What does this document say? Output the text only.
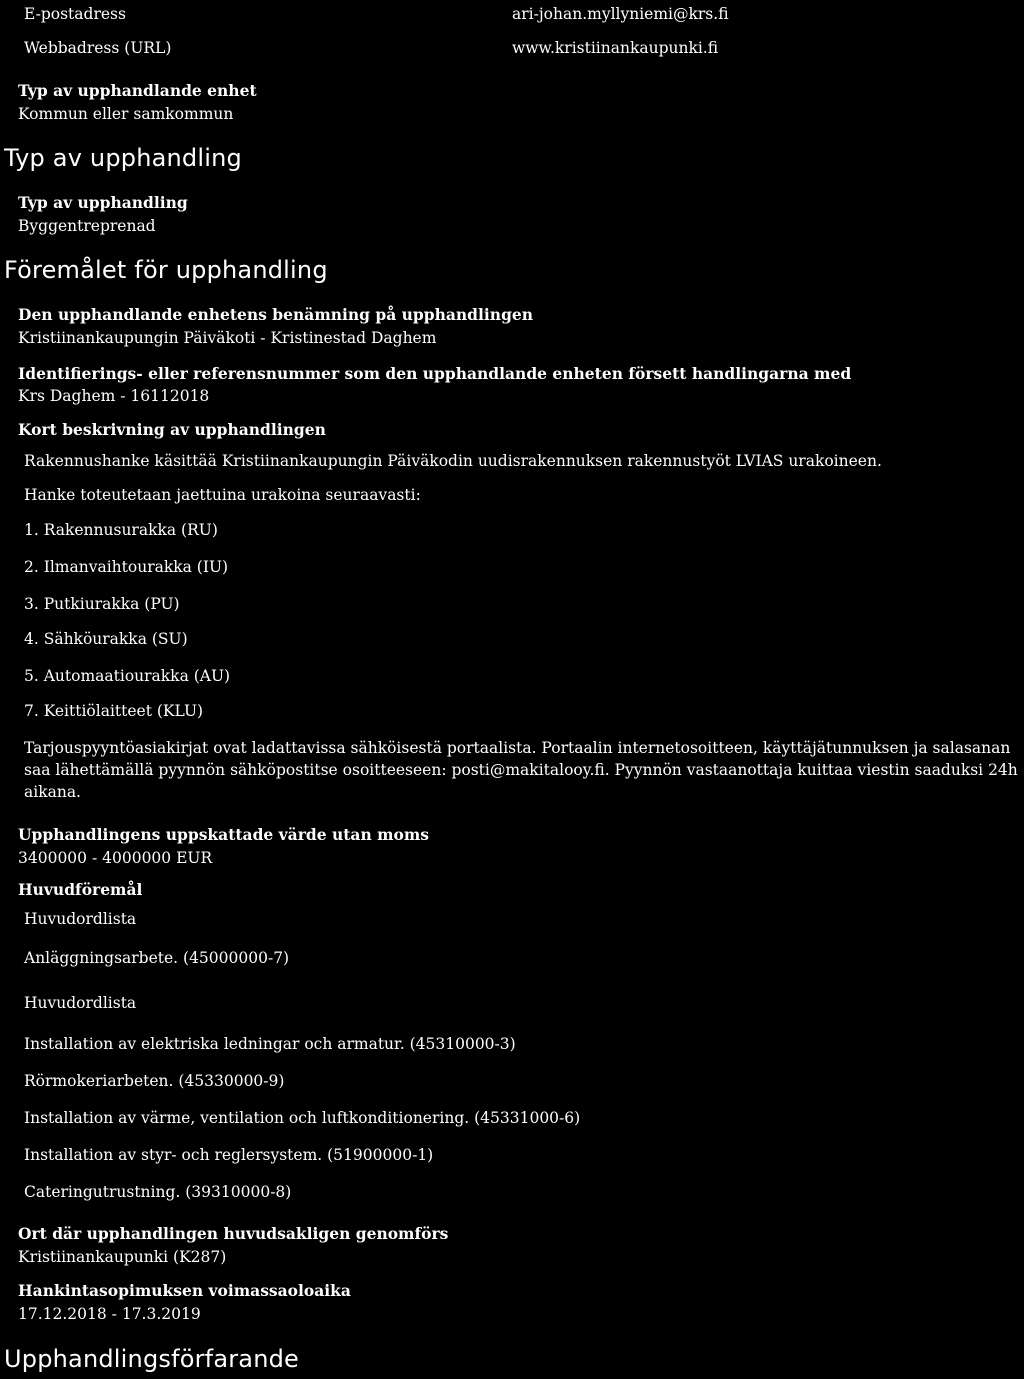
E-postadress	ari-johan.myllyniemi@krs.fi
Webbadress (URL)	www.kristiinankaupunki.fi
Typ av upphandlande enhet
Kommun eller samkommun
Typ av upphandling
Typ av upphandling
Byggentreprenad
Föremålet för upphandling
Den upphandlande enhetens benämning på upphandlingen
Kristiinankaupungin Päiväkoti - Kristinestad Daghem
Identifierings- eller referensnummer som den upphandlande enheten försett handlingarna med
Krs Daghem - 16112018
Kort beskrivning av upphandlingen
Rakennushanke käsittää Kristiinankaupungin Päiväkodin uudisrakennuksen rakennustyöt LVIAS urakoineen.
Hanke toteutetaan jaettuina urakoina seuraavasti:
1. Rakennusurakka (RU)
2. Ilmanvaihtourakka (IU)
3. Putkiurakka (PU)
4. Sähköurakka (SU)
5. Automaatiourakka (AU)
7. Keittiölaitteet (KLU)
Tarjouspyyntöasiakirjat ovat ladattavissa sähköisestä portaalista. Portaalin internetosoitteen, käyttäjätunnuksen ja salasanan saa lähettämällä pyynnön sähköpostitse osoitteeseen: posti@makitalooy.fi. Pyynnön vastaanottaja kuittaa viestin saaduksi 24h aikana.
Upphandlingens uppskattade värde utan moms
3400000 - 4000000 EUR
Huvudföremål
Huvudordlista
Anläggningsarbete. (45000000-7)
Huvudordlista
Installation av elektriska ledningar och armatur. (45310000-3)
Rörmokeriarbeten. (45330000-9)
Installation av värme, ventilation och luftkonditionering. (45331000-6)
Installation av styr- och reglersystem. (51900000-1)
Cateringutrustning. (39310000-8)
Ort där upphandlingen huvudsakligen genomförs
Kristiinankaupunki (K287)
Hankintasopimuksen voimassaoloaika
17.12.2018 - 17.3.2019
Upphandlingsförfarande
